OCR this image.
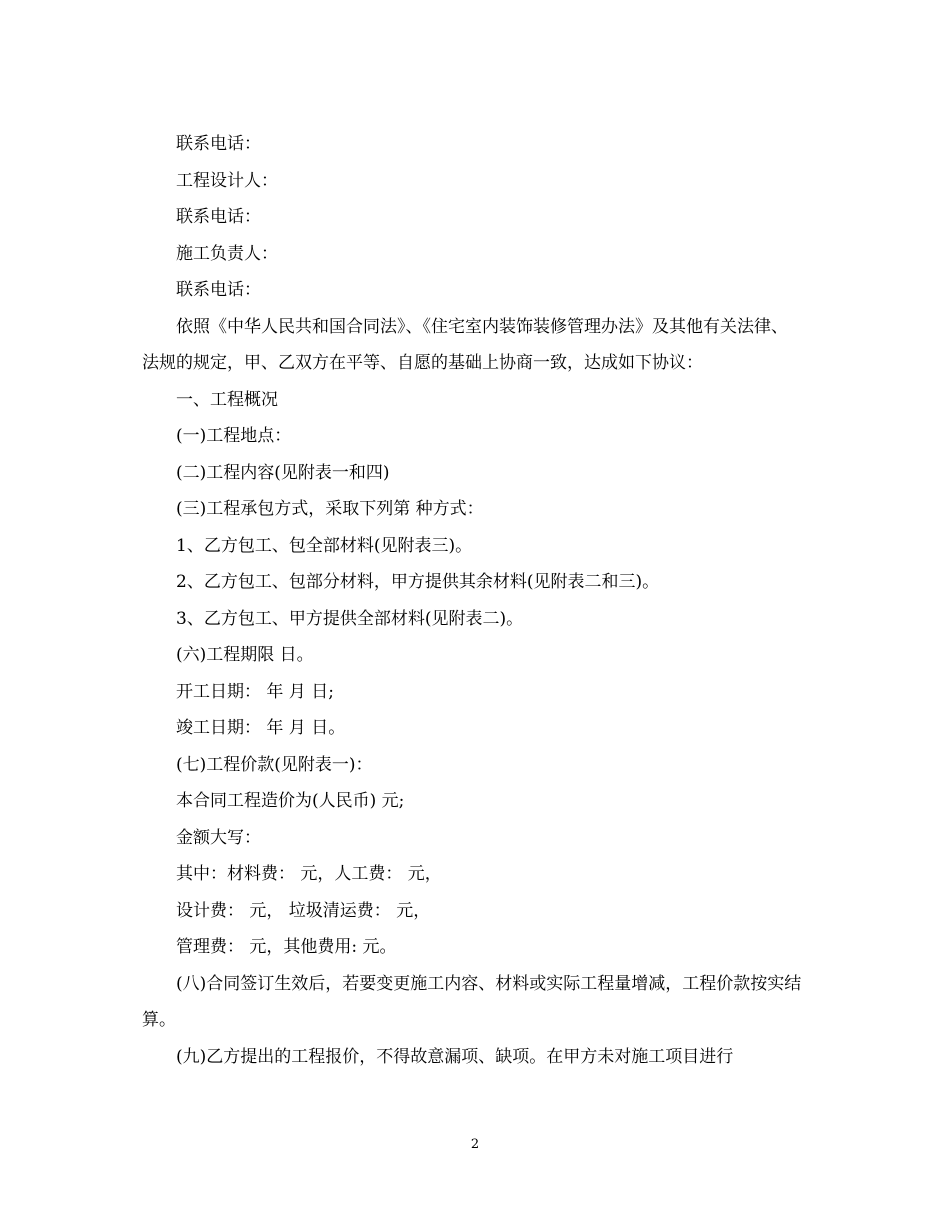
联系电话：

工程设计人：

联系电话：

施工负责人：

联系电话：

依照《中华人民共和国合同法》、《住宅室内装饰装修管理办法》及其他有关法律、法规的规定，甲、乙双方在平等、自愿的基础上协商一致，达成如下协议：

一、工程概况

(一)工程地点：

(二)工程内容(见附表一和四)

(三)工程承包方式，采取下列第 种方式：

1、乙方包工、包全部材料(见附表三)。

2、乙方包工、包部分材料，甲方提供其余材料(见附表二和三)。

3、乙方包工、甲方提供全部材料(见附表二)。

(六)工程期限 日。

开工日期： 年 月 日;

竣工日期： 年 月 日。

(七)工程价款(见附表一)：

本合同工程造价为(人民币) 元;

金额大写：

其中：材料费： 元，人工费： 元，

设计费： 元， 垃圾清运费： 元，

管理费： 元，其他费用: 元。

(八)合同签订生效后，若要变更施工内容、材料或实际工程量增减，工程价款按实结算。

(九)乙方提出的工程报价，不得故意漏项、缺项。在甲方未对施工项目进行

2
